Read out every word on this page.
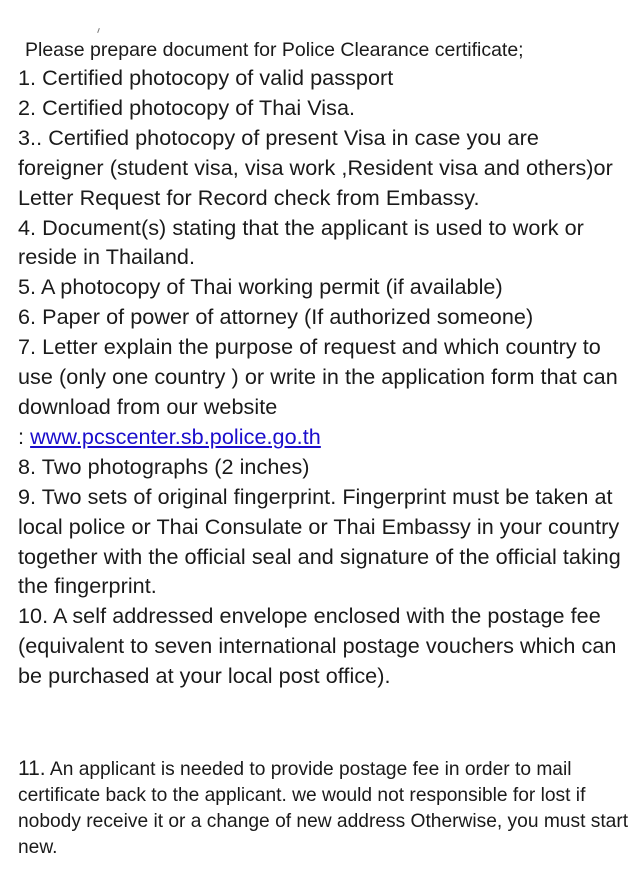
Please prepare document for Police Clearance certificate;
1. Certified photocopy of valid passport
2. Certified photocopy of Thai Visa.
3.. Certified photocopy of present Visa in case you are foreigner (student visa, visa work ,Resident visa and others)or Letter Request for Record check from Embassy.
4. Document(s) stating that the applicant is used to work or reside in Thailand.
5. A photocopy of Thai working permit (if available)
6. Paper of power of attorney (If authorized someone)
7. Letter explain the purpose of request and which country to use (only one country ) or write in the application form that can download from our website
: www.pcscenter.sb.police.go.th
8. Two photographs (2 inches)
9. Two sets of original fingerprint. Fingerprint must be taken at local police or Thai Consulate or Thai Embassy in your country together with the official seal and signature of the official taking the fingerprint.
10. A self addressed envelope enclosed with the postage fee (equivalent to seven international postage vouchers which can be purchased at your local post office).
11. An applicant is needed to provide postage fee in order to mail certificate back to the applicant. we would not responsible for lost if nobody receive it or a change of new address Otherwise, you must start new.
